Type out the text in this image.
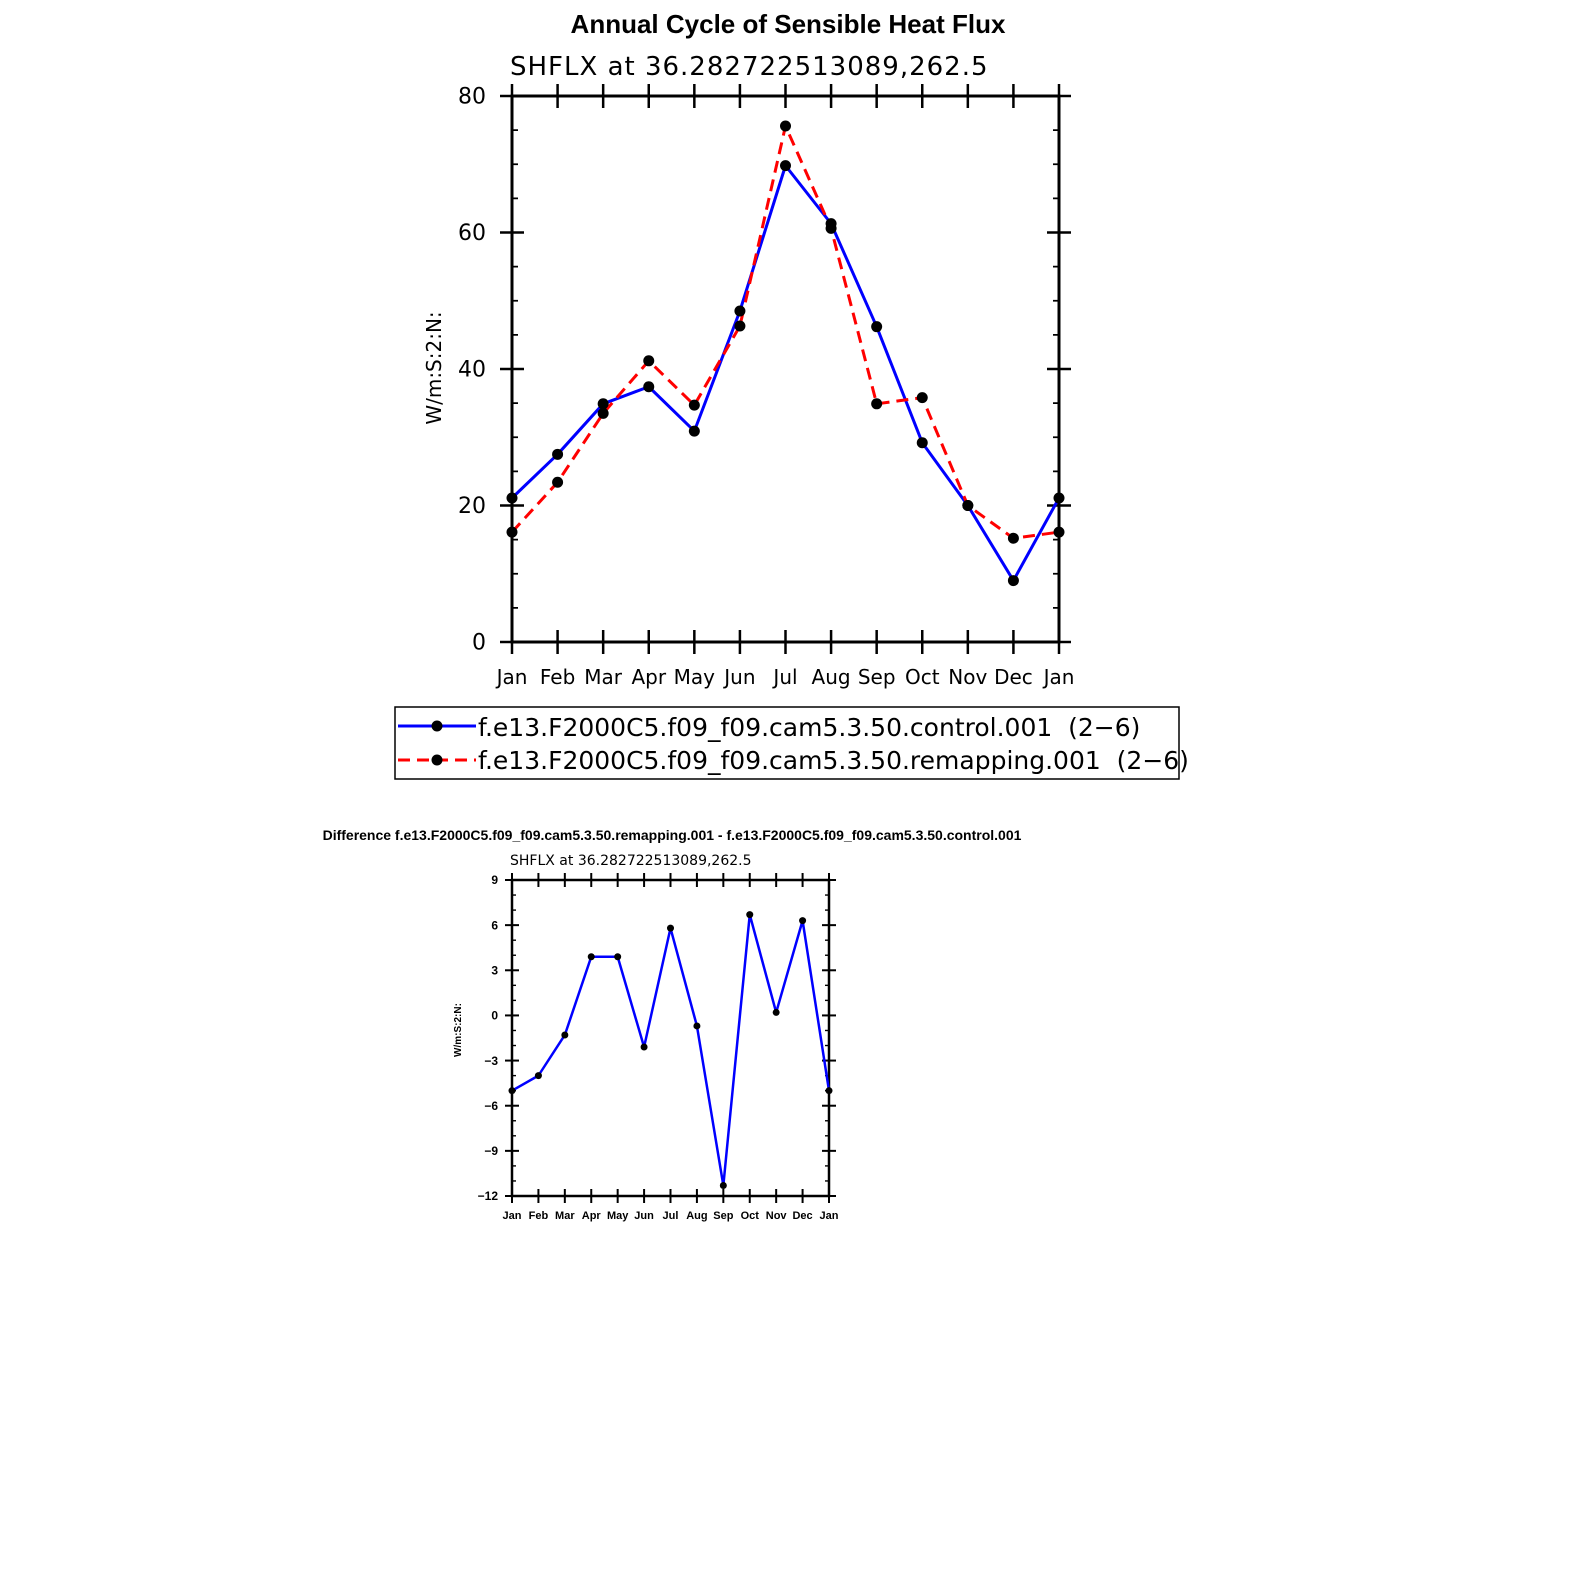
Annual Cycle of Sensible Heat Flux
SHFLX at 36.282722513089,262.5
W/m:S:2:N:
0
20
40
60
80
Jan Feb Mar Apr May Jun Jul Aug Sep Oct Nov Dec Jan
f.e13.F2000C5.f09_f09.cam5.3.50.control.001  (2−6)
f.e13.F2000C5.f09_f09.cam5.3.50.remapping.001  (2−6)
Difference f.e13.F2000C5.f09_f09.cam5.3.50.remapping.001 - f.e13.F2000C5.f09_f09.cam5.3.50.control.001
SHFLX at 36.282722513089,262.5
W/m:S:2:N:
−12
−9
−6
−3
0
3
6
9
Jan Feb Mar Apr May Jun Jul Aug Sep Oct Nov Dec Jan
